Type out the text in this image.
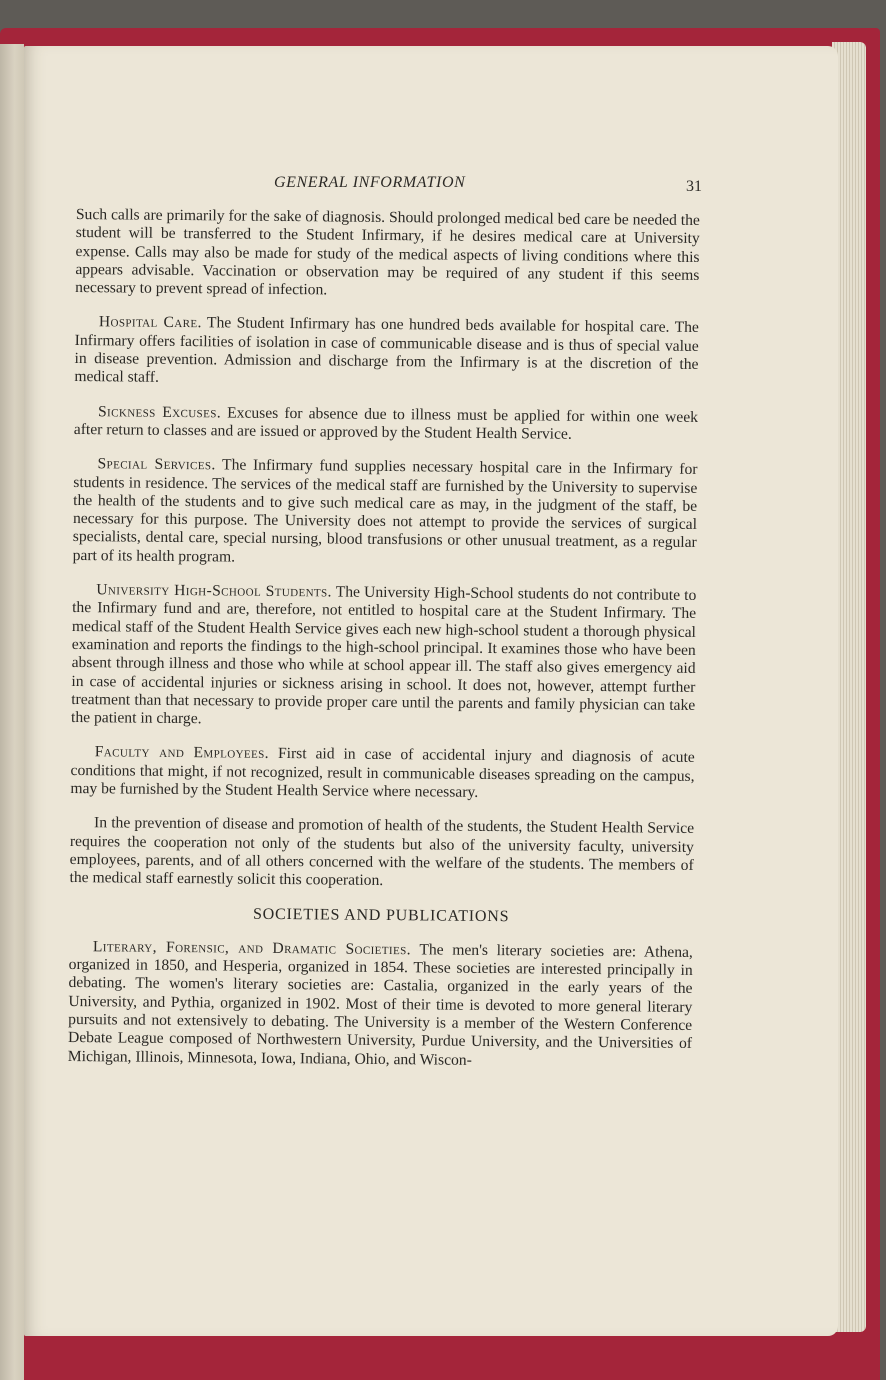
GENERAL INFORMATION	31

Such calls are primarily for the sake of diagnosis. Should prolonged medical bed care be needed the student will be transferred to the Student Infirmary, if he desires medical care at University expense. Calls may also be made for study of the medical aspects of living conditions where this appears advisable. Vaccination or observation may be required of any student if this seems necessary to prevent spread of infection.

Hospital Care. The Student Infirmary has one hundred beds available for hospital care. The Infirmary offers facilities of isolation in case of communicable disease and is thus of special value in disease prevention. Admission and discharge from the Infirmary is at the discretion of the medical staff.

Sickness Excuses. Excuses for absence due to illness must be applied for within one week after return to classes and are issued or approved by the Student Health Service.

Special Services. The Infirmary fund supplies necessary hospital care in the Infirmary for students in residence. The services of the medical staff are furnished by the University to supervise the health of the students and to give such medical care as may, in the judgment of the staff, be necessary for this purpose. The University does not attempt to provide the services of surgical specialists, dental care, special nursing, blood transfusions or other unusual treatment, as a regular part of its health program.

University High-School Students. The University High-School students do not contribute to the Infirmary fund and are, therefore, not entitled to hospital care at the Student Infirmary. The medical staff of the Student Health Service gives each new high-school student a thorough physical examination and reports the findings to the high-school principal. It examines those who have been absent through illness and those who while at school appear ill. The staff also gives emergency aid in case of accidental injuries or sickness arising in school. It does not, however, attempt further treatment than that necessary to provide proper care until the parents and family physician can take the patient in charge.

Faculty and Employees. First aid in case of accidental injury and diagnosis of acute conditions that might, if not recognized, result in communicable diseases spreading on the campus, may be furnished by the Student Health Service where necessary.

In the prevention of disease and promotion of health of the students, the Student Health Service requires the cooperation not only of the students but also of the university faculty, university employees, parents, and of all others concerned with the welfare of the students. The members of the medical staff earnestly solicit this cooperation.

SOCIETIES AND PUBLICATIONS

Literary, Forensic, and Dramatic Societies. The men's literary societies are: Athena, organized in 1850, and Hesperia, organized in 1854. These societies are interested principally in debating. The women's literary societies are: Castalia, organized in the early years of the University, and Pythia, organized in 1902. Most of their time is devoted to more general literary pursuits and not extensively to debating. The University is a member of the Western Conference Debate League composed of Northwestern University, Purdue University, and the Universities of Michigan, Illinois, Minnesota, Iowa, Indiana, Ohio, and Wiscon-
